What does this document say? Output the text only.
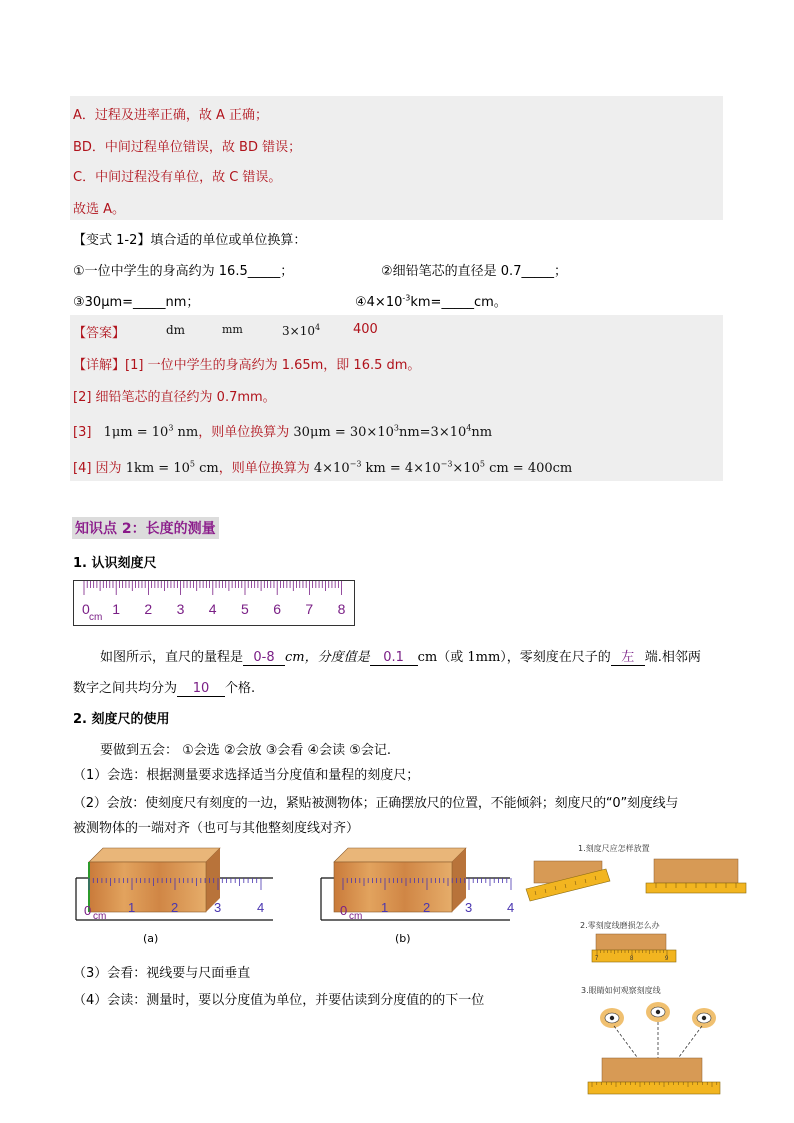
A．过程及进率正确，故 A 正确；
BD．中间过程单位错误，故 BD 错误；
C．中间过程没有单位，故 C 错误。
故选 A。
【变式 1-2】填合适的单位或单位换算：
①一位中学生的身高约为 16.5_____；	②细铅笔芯的直径是 0.7_____；
③30μm=_____nm；	$④4\times 10^{-3}km=\_\_\_\_\_cm$。
【答案】	dm	mm	$3\times 10^4$	400
【详解】[1] 一位中学生的身高约为 1.65m，即 16.5 dm。
[2] 细铅笔芯的直径约为 0.7mm。
[3] $1\mu m = 10^3$ nm，则单位换算为 $30\mu m = 30\times 10^3nm=3\times 10^4nm$
[4] 因为 $1km = 10^5$ cm，则单位换算为 $4\times 10^{-3}$ km = $4\times 10^{-3}\times 10^5$ cm = 400cm
知识点 2：长度的测量
1. 认识刻度尺
0
cm
1 2 3 4 5 6 7 8
如图所示，直尺的量程是 0-8 cm，分度值是 0.1 cm（或 1mm），零刻度在尺子的 左 端.相邻两
数字之间共均分为 10 个格.
2. 刻度尺的使用
要做到五会： ①会选 ②会放 ③会看 ④会读 ⑤会记.
（1）会选：根据测量要求选择适当分度值和量程的刻度尺；
（2）会放：使刻度尺有刻度的一边，紧贴被测物体；正确摆放尺的位置，不能倾斜；刻度尺的“0”刻度线与
被测物体的一端对齐（也可与其他整刻度线对齐）
0 cm
1	2	3	4
(a)
0 cm
1	2	3	4
(b)
（3）会看：视线要与尺面垂直
（4）会读：测量时，要以分度值为单位，并要估读到分度值的的下一位
1.刻度尺应怎样放置
2.零刻度线磨损怎么办
7	8	9
3.眼睛如何观察刻度线
